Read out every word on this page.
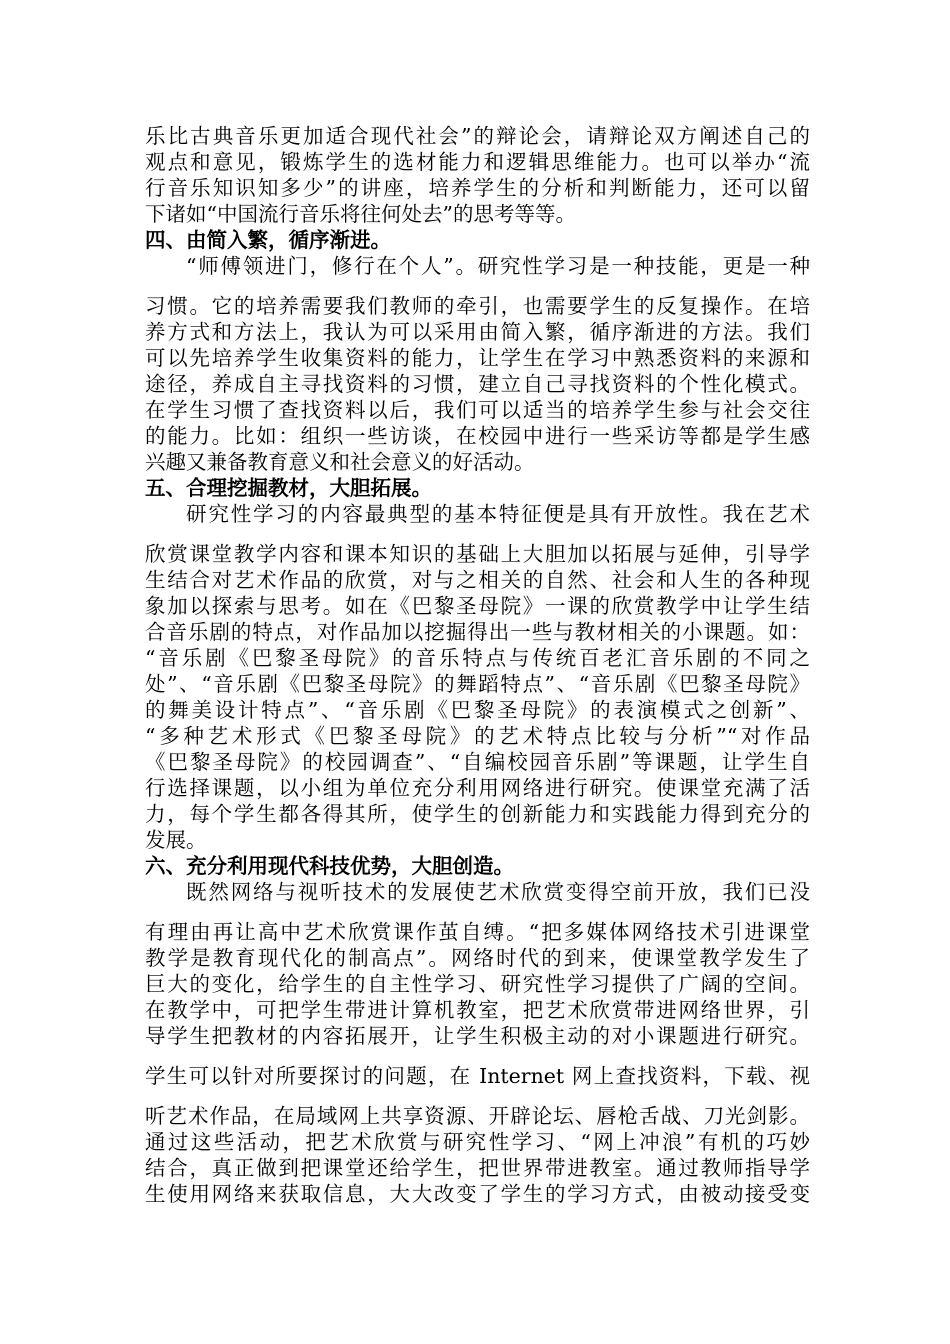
乐比古典音乐更加适合现代社会”的辩论会，请辩论双方阐述自己的
观点和意见，锻炼学生的选材能力和逻辑思维能力。也可以举办“流
行音乐知识知多少”的讲座，培养学生的分析和判断能力，还可以留
下诸如“中国流行音乐将往何处去”的思考等等。
四、由简入繁，循序渐进。
“师傅领进门，修行在个人”。研究性学习是一种技能，更是一种
习惯。它的培养需要我们教师的牵引，也需要学生的反复操作。在培
养方式和方法上，我认为可以采用由简入繁，循序渐进的方法。我们
可以先培养学生收集资料的能力，让学生在学习中熟悉资料的来源和
途径，养成自主寻找资料的习惯，建立自己寻找资料的个性化模式。
在学生习惯了查找资料以后，我们可以适当的培养学生参与社会交往
的能力。比如：组织一些访谈，在校园中进行一些采访等都是学生感
兴趣又兼备教育意义和社会意义的好活动。
五、合理挖掘教材，大胆拓展。
研究性学习的内容最典型的基本特征便是具有开放性。我在艺术
欣赏课堂教学内容和课本知识的基础上大胆加以拓展与延伸，引导学
生结合对艺术作品的欣赏，对与之相关的自然、社会和人生的各种现
象加以探索与思考。如在《巴黎圣母院》一课的欣赏教学中让学生结
合音乐剧的特点，对作品加以挖掘得出一些与教材相关的小课题。如：
“音乐剧《巴黎圣母院》的音乐特点与传统百老汇音乐剧的不同之
处”、“音乐剧《巴黎圣母院》的舞蹈特点”、“音乐剧《巴黎圣母院》
的舞美设计特点”、“音乐剧《巴黎圣母院》的表演模式之创新”、
“多种艺术形式《巴黎圣母院》的艺术特点比较与分析”“对作品
《巴黎圣母院》的校园调查”、“自编校园音乐剧”等课题，让学生自
行选择课题，以小组为单位充分利用网络进行研究。使课堂充满了活
力，每个学生都各得其所，使学生的创新能力和实践能力得到充分的
发展。
六、充分利用现代科技优势，大胆创造。
既然网络与视听技术的发展使艺术欣赏变得空前开放，我们已没
有理由再让高中艺术欣赏课作茧自缚。“把多媒体网络技术引进课堂
教学是教育现代化的制高点”。网络时代的到来，使课堂教学发生了
巨大的变化，给学生的自主性学习、研究性学习提供了广阔的空间。
在教学中，可把学生带进计算机教室，把艺术欣赏带进网络世界，引
导学生把教材的内容拓展开，让学生积极主动的对小课题进行研究。
学生可以针对所要探讨的问题，在 Internet 网上查找资料，下载、视
听艺术作品，在局域网上共享资源、开辟论坛、唇枪舌战、刀光剑影。
通过这些活动，把艺术欣赏与研究性学习、“网上冲浪”有机的巧妙
结合，真正做到把课堂还给学生，把世界带进教室。通过教师指导学
生使用网络来获取信息，大大改变了学生的学习方式，由被动接受变
